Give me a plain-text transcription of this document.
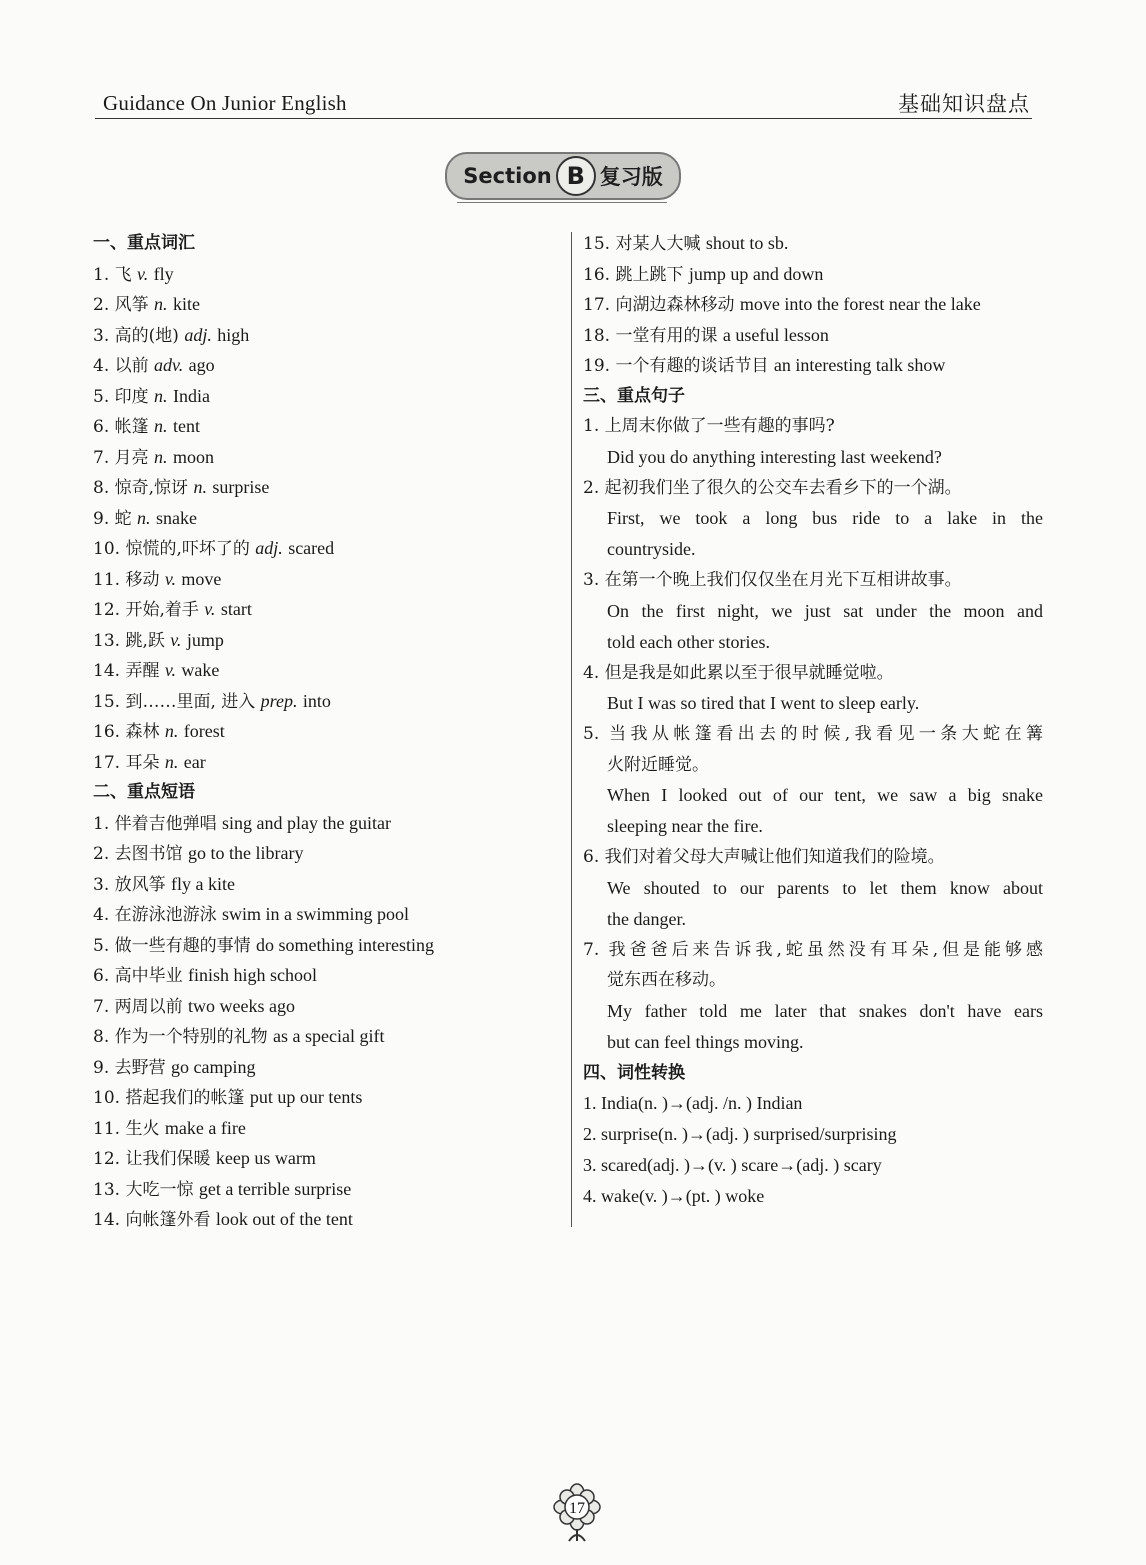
Guidance On Junior English	基础知识盘点
Section B 复习版
一、重点词汇
1. 飞 v. fly
2. 风筝 n. kite
3. 高的(地) adj. high
4. 以前 adv. ago
5. 印度 n. India
6. 帐篷 n. tent
7. 月亮 n. moon
8. 惊奇,惊讶 n. surprise
9. 蛇 n. snake
10. 惊慌的,吓坏了的 adj. scared
11. 移动 v. move
12. 开始,着手 v. start
13. 跳,跃 v. jump
14. 弄醒 v. wake
15. 到……里面, 进入 prep. into
16. 森林 n. forest
17. 耳朵 n. ear
二、重点短语
1. 伴着吉他弹唱 sing and play the guitar
2. 去图书馆 go to the library
3. 放风筝 fly a kite
4. 在游泳池游泳 swim in a swimming pool
5. 做一些有趣的事情 do something interesting
6. 高中毕业 finish high school
7. 两周以前 two weeks ago
8. 作为一个特别的礼物 as a special gift
9. 去野营 go camping
10. 搭起我们的帐篷 put up our tents
11. 生火 make a fire
12. 让我们保暖 keep us warm
13. 大吃一惊 get a terrible surprise
14. 向帐篷外看 look out of the tent
15. 对某人大喊 shout to sb.
16. 跳上跳下 jump up and down
17. 向湖边森林移动 move into the forest near the lake
18. 一堂有用的课 a useful lesson
19. 一个有趣的谈话节目 an interesting talk show
三、重点句子
1. 上周末你做了一些有趣的事吗?
Did you do anything interesting last weekend?
2. 起初我们坐了很久的公交车去看乡下的一个湖。
First, we took a long bus ride to a lake in the
countryside.
3. 在第一个晚上我们仅仅坐在月光下互相讲故事。
On the first night, we just sat under the moon and
told each other stories.
4. 但是我是如此累以至于很早就睡觉啦。
But I was so tired that I went to sleep early.
5. 当我从帐篷看出去的时候,我看见一条大蛇在篝
火附近睡觉。
When I looked out of our tent, we saw a big snake
sleeping near the fire.
6. 我们对着父母大声喊让他们知道我们的险境。
We shouted to our parents to let them know about
the danger.
7. 我爸爸后来告诉我,蛇虽然没有耳朵,但是能够感
觉东西在移动。
My father told me later that snakes don't have ears
but can feel things moving.
四、词性转换
1. India(n. )→(adj. /n. ) Indian
2. surprise(n. )→(adj. ) surprised/surprising
3. scared(adj. )→(v. ) scare→(adj. ) scary
4. wake(v. )→(pt. ) woke
17
